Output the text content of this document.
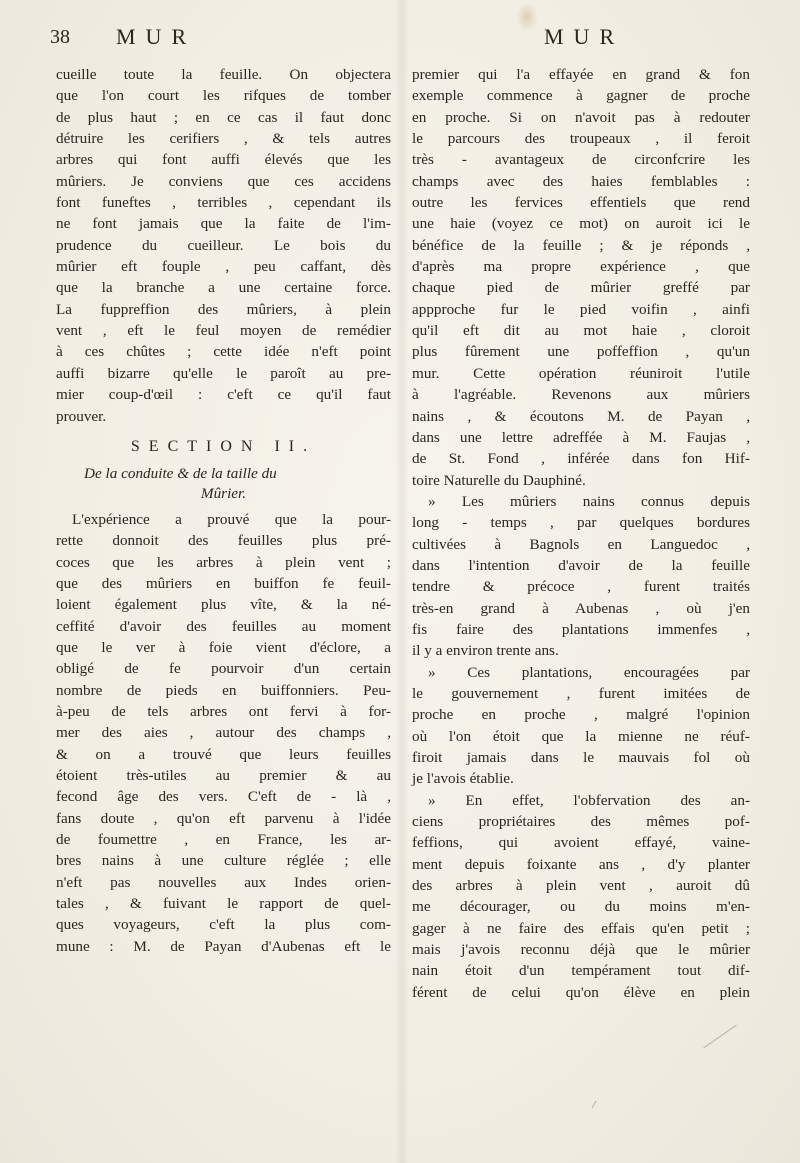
38 MUR	MUR
cueille toute la feuille. On objectera
que l'on court les rifques de tomber
de plus haut ; en ce cas il faut donc
détruire les cerifiers , & tels autres
arbres qui font auffi élevés que les
mûriers. Je conviens que ces accidens
font funeftes , terribles , cependant ils
ne font jamais que la faite de l'im-
prudence du cueilleur. Le bois du
mûrier eft fouple , peu caffant, dès
que la branche a une certaine force.
La fuppreffion des mûriers, à plein
vent , eft le feul moyen de remédier
à ces chûtes ; cette idée n'eft point
auffi bizarre qu'elle le paroît au pre-
mier coup-d'œil : c'eft ce qu'il faut
prouver.
SECTION II.
De la conduite & de la taille du
Mûrier.
L'expérience a prouvé que la pour-
rette donnoit des feuilles plus pré-
coces que les arbres à plein vent ;
que des mûriers en buiffon fe feuil-
loient également plus vîte, & la né-
ceffité d'avoir des feuilles au moment
que le ver à foie vient d'éclore, a
obligé de fe pourvoir d'un certain
nombre de pieds en buiffonniers. Peu-
à-peu de tels arbres ont fervi à for-
mer des aies , autour des champs ,
& on a trouvé que leurs feuilles
étoient très-utiles au premier & au
fecond âge des vers. C'eft de - là ,
fans doute , qu'on eft parvenu à l'idée
de foumettre , en France, les ar-
bres nains à une culture réglée ; elle
n'eft pas nouvelles aux Indes orien-
tales , & fuivant le rapport de quel-
ques voyageurs, c'eft la plus com-
mune : M. de Payan d'Aubenas eft le
premier qui l'a effayée en grand & fon
exemple commence à gagner de proche
en proche. Si on n'avoit pas à redouter
le parcours des troupeaux , il feroit
très - avantageux de circonfcrire les
champs avec des haies femblables :
outre les fervices effentiels que rend
une haie (voyez ce mot) on auroit ici le
bénéfice de la feuille ; & je réponds ,
d'après ma propre expérience , que
chaque pied de mûrier greffé par
appproche fur le pied voifin , ainfi
qu'il eft dit au mot haie , cloroit
plus fûrement une poffeffion , qu'un
mur. Cette opération réuniroit l'utile
à l'agréable. Revenons aux mûriers
nains , & écoutons M. de Payan ,
dans une lettre adreffée à M. Faujas ,
de St. Fond , inférée dans fon Hif-
toire Naturelle du Dauphiné.
» Les mûriers nains connus depuis
long - temps , par quelques bordures
cultivées à Bagnols en Languedoc ,
dans l'intention d'avoir de la feuille
tendre & précoce , furent traités
très-en grand à Aubenas , où j'en
fis faire des plantations immenfes ,
il y a environ trente ans.
» Ces plantations, encouragées par
le gouvernement , furent imitées de
proche en proche , malgré l'opinion
où l'on étoit que la mienne ne réuf-
firoit jamais dans le mauvais fol où
je l'avois établie.
» En effet, l'obfervation des an-
ciens propriétaires des mêmes pof-
feffions, qui avoient effayé, vaine-
ment depuis foixante ans , d'y planter
des arbres à plein vent , auroit dû
me décourager, ou du moins m'en-
gager à ne faire des effais qu'en petit ;
mais j'avois reconnu déjà que le mûrier
nain étoit d'un tempérament tout dif-
férent de celui qu'on élève en plein
